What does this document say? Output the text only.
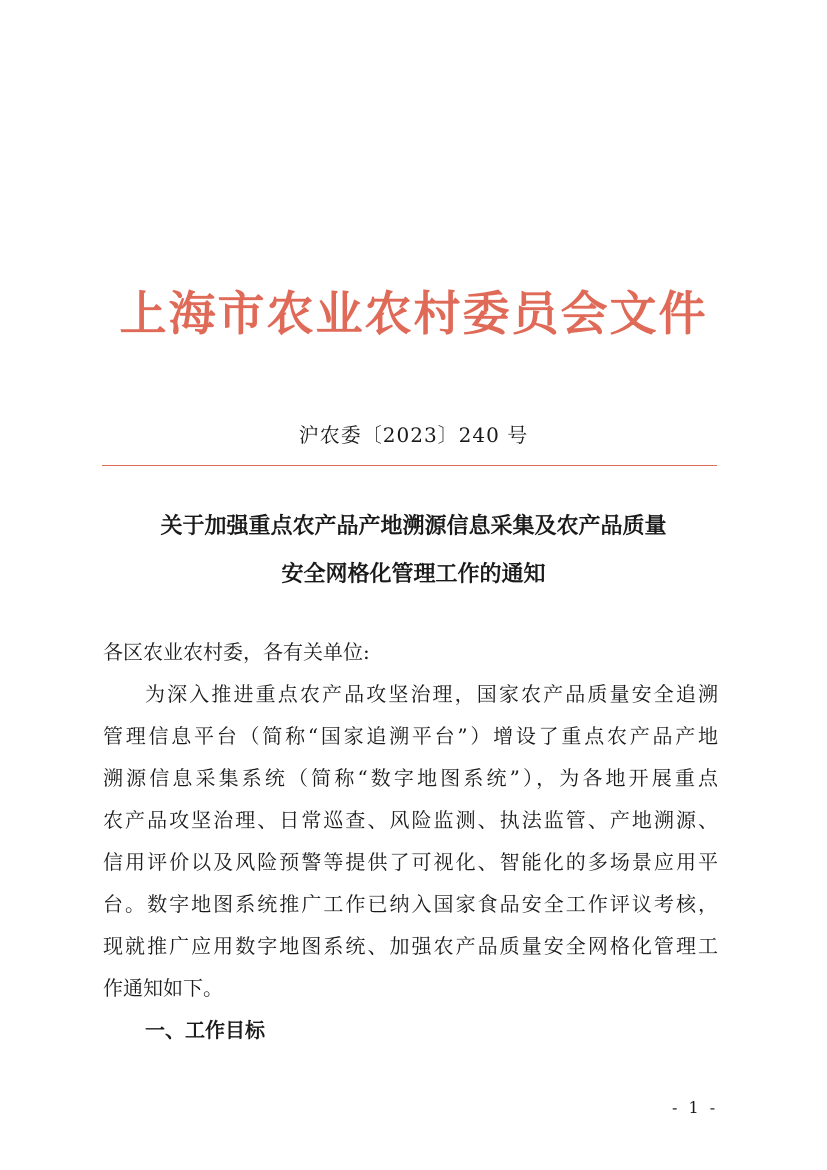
上海市农业农村委员会文件
沪农委〔2023〕240 号
关于加强重点农产品产地溯源信息采集及农产品质量
安全网格化管理工作的通知
各区农业农村委，各有关单位:
为深入推进重点农产品攻坚治理，国家农产品质量安全追溯
管理信息平台（简称“国家追溯平台”）增设了重点农产品产地
溯源信息采集系统（简称“数字地图系统”），为各地开展重点
农产品攻坚治理、日常巡查、风险监测、执法监管、产地溯源、
信用评价以及风险预警等提供了可视化、智能化的多场景应用平
台。数字地图系统推广工作已纳入国家食品安全工作评议考核，
现就推广应用数字地图系统、加强农产品质量安全网格化管理工
作通知如下。
一、工作目标
- 1 -
